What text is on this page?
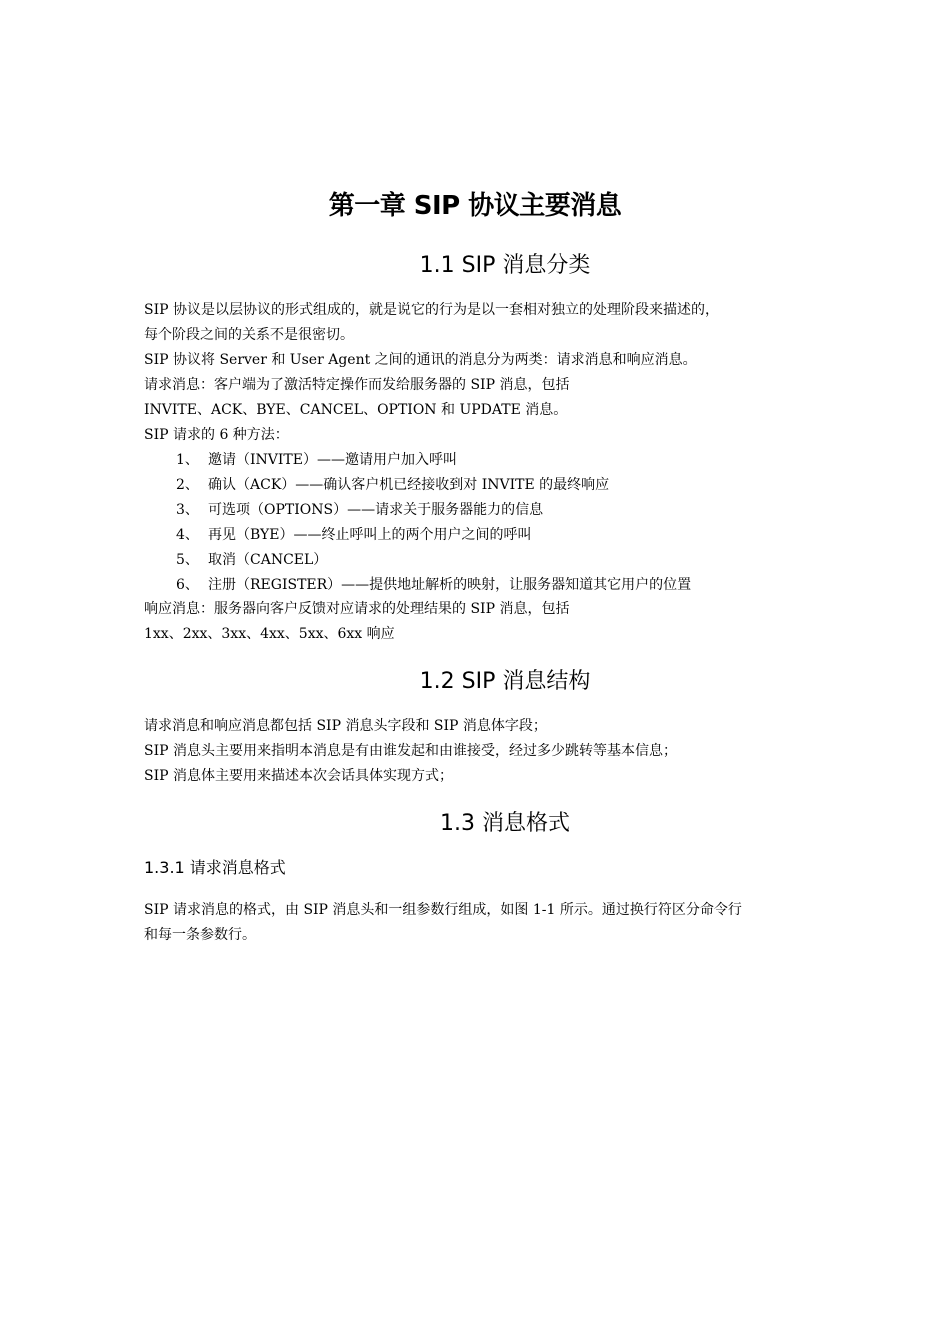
第一章 SIP 协议主要消息
1.1 SIP 消息分类
SIP 协议是以层协议的形式组成的，就是说它的行为是以一套相对独立的处理阶段来描述的，
每个阶段之间的关系不是很密切。
SIP 协议将 Server 和 User Agent 之间的通讯的消息分为两类：请求消息和响应消息。
请求消息：客户端为了激活特定操作而发给服务器的 SIP 消息，包括
INVITE、ACK、BYE、CANCEL、OPTION 和 UPDATE 消息。
SIP 请求的 6 种方法：
1、 邀请（INVITE）——邀请用户加入呼叫
2、 确认（ACK）——确认客户机已经接收到对 INVITE 的最终响应
3、 可选项（OPTIONS）——请求关于服务器能力的信息
4、 再见（BYE）——终止呼叫上的两个用户之间的呼叫
5、 取消（CANCEL）
6、 注册（REGISTER）——提供地址解析的映射，让服务器知道其它用户的位置
响应消息：服务器向客户反馈对应请求的处理结果的 SIP 消息，包括
1xx、2xx、3xx、4xx、5xx、6xx 响应
1.2 SIP 消息结构
请求消息和响应消息都包括 SIP 消息头字段和 SIP 消息体字段；
SIP 消息头主要用来指明本消息是有由谁发起和由谁接受，经过多少跳转等基本信息；
SIP 消息体主要用来描述本次会话具体实现方式；
1.3 消息格式
1.3.1 请求消息格式
SIP 请求消息的格式，由 SIP 消息头和一组参数行组成，如图 1-1 所示。通过换行符区分命令行
和每一条参数行。
